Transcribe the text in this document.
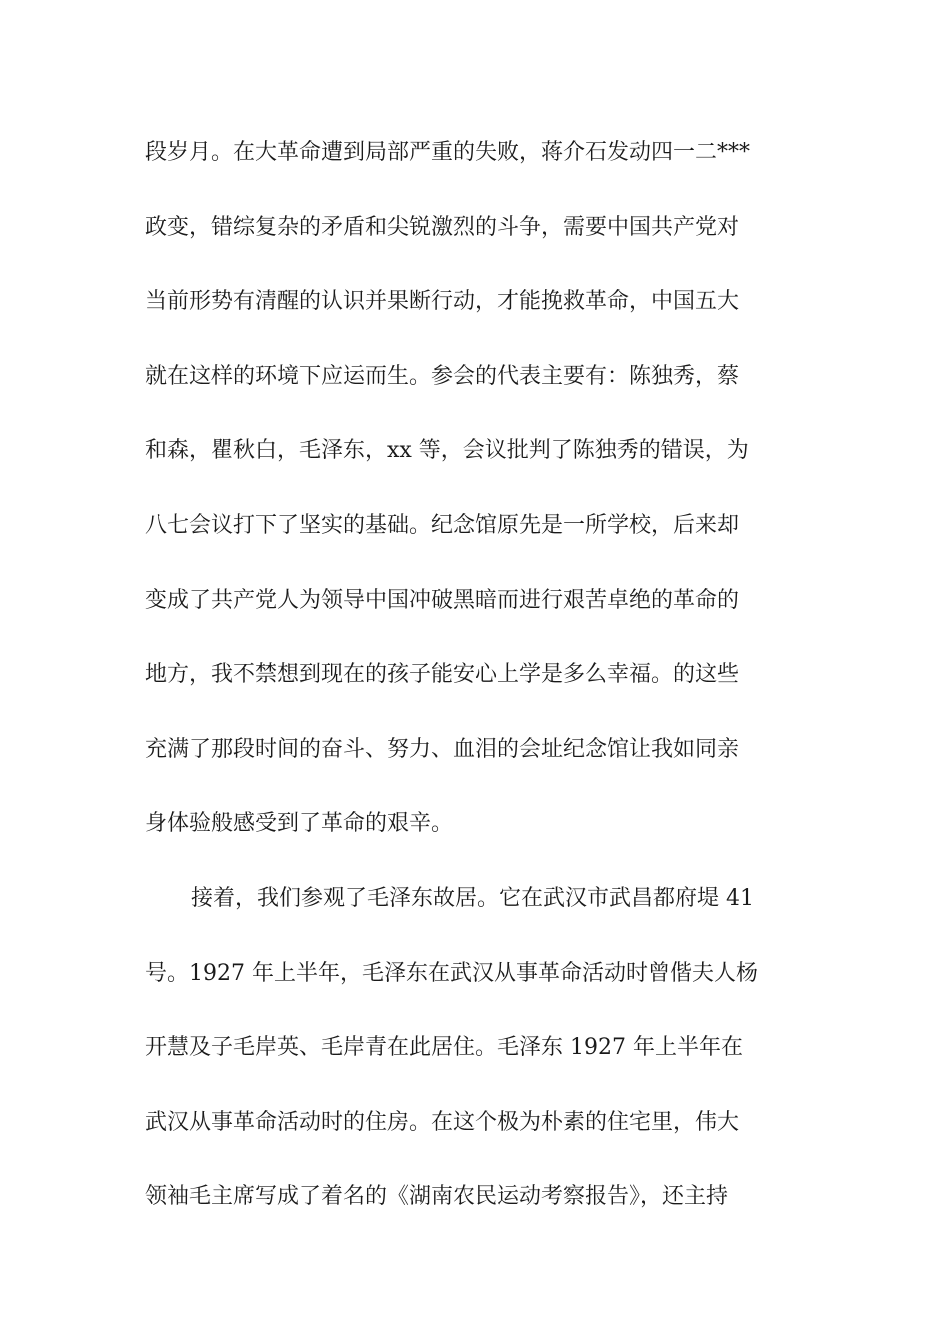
段岁月。在大革命遭到局部严重的失败，蒋介石发动四一二***
政变，错综复杂的矛盾和尖锐激烈的斗争，需要中国共产党对
当前形势有清醒的认识并果断行动，才能挽救革命，中国五大
就在这样的环境下应运而生。参会的代表主要有：陈独秀，蔡
和森，瞿秋白，毛泽东，xx 等，会议批判了陈独秀的错误，为
八七会议打下了坚实的基础。纪念馆原先是一所学校，后来却
变成了共产党人为领导中国冲破黑暗而进行艰苦卓绝的革命的
地方，我不禁想到现在的孩子能安心上学是多么幸福。的这些
充满了那段时间的奋斗、努力、血泪的会址纪念馆让我如同亲
身体验般感受到了革命的艰辛。
接着，我们参观了毛泽东故居。它在武汉市武昌都府堤 41
号。1927 年上半年，毛泽东在武汉从事革命活动时曾偕夫人杨
开慧及子毛岸英、毛岸青在此居住。毛泽东 1927 年上半年在
武汉从事革命活动时的住房。在这个极为朴素的住宅里，伟大
领袖毛主席写成了着名的《湖南农民运动考察报告》，还主持
